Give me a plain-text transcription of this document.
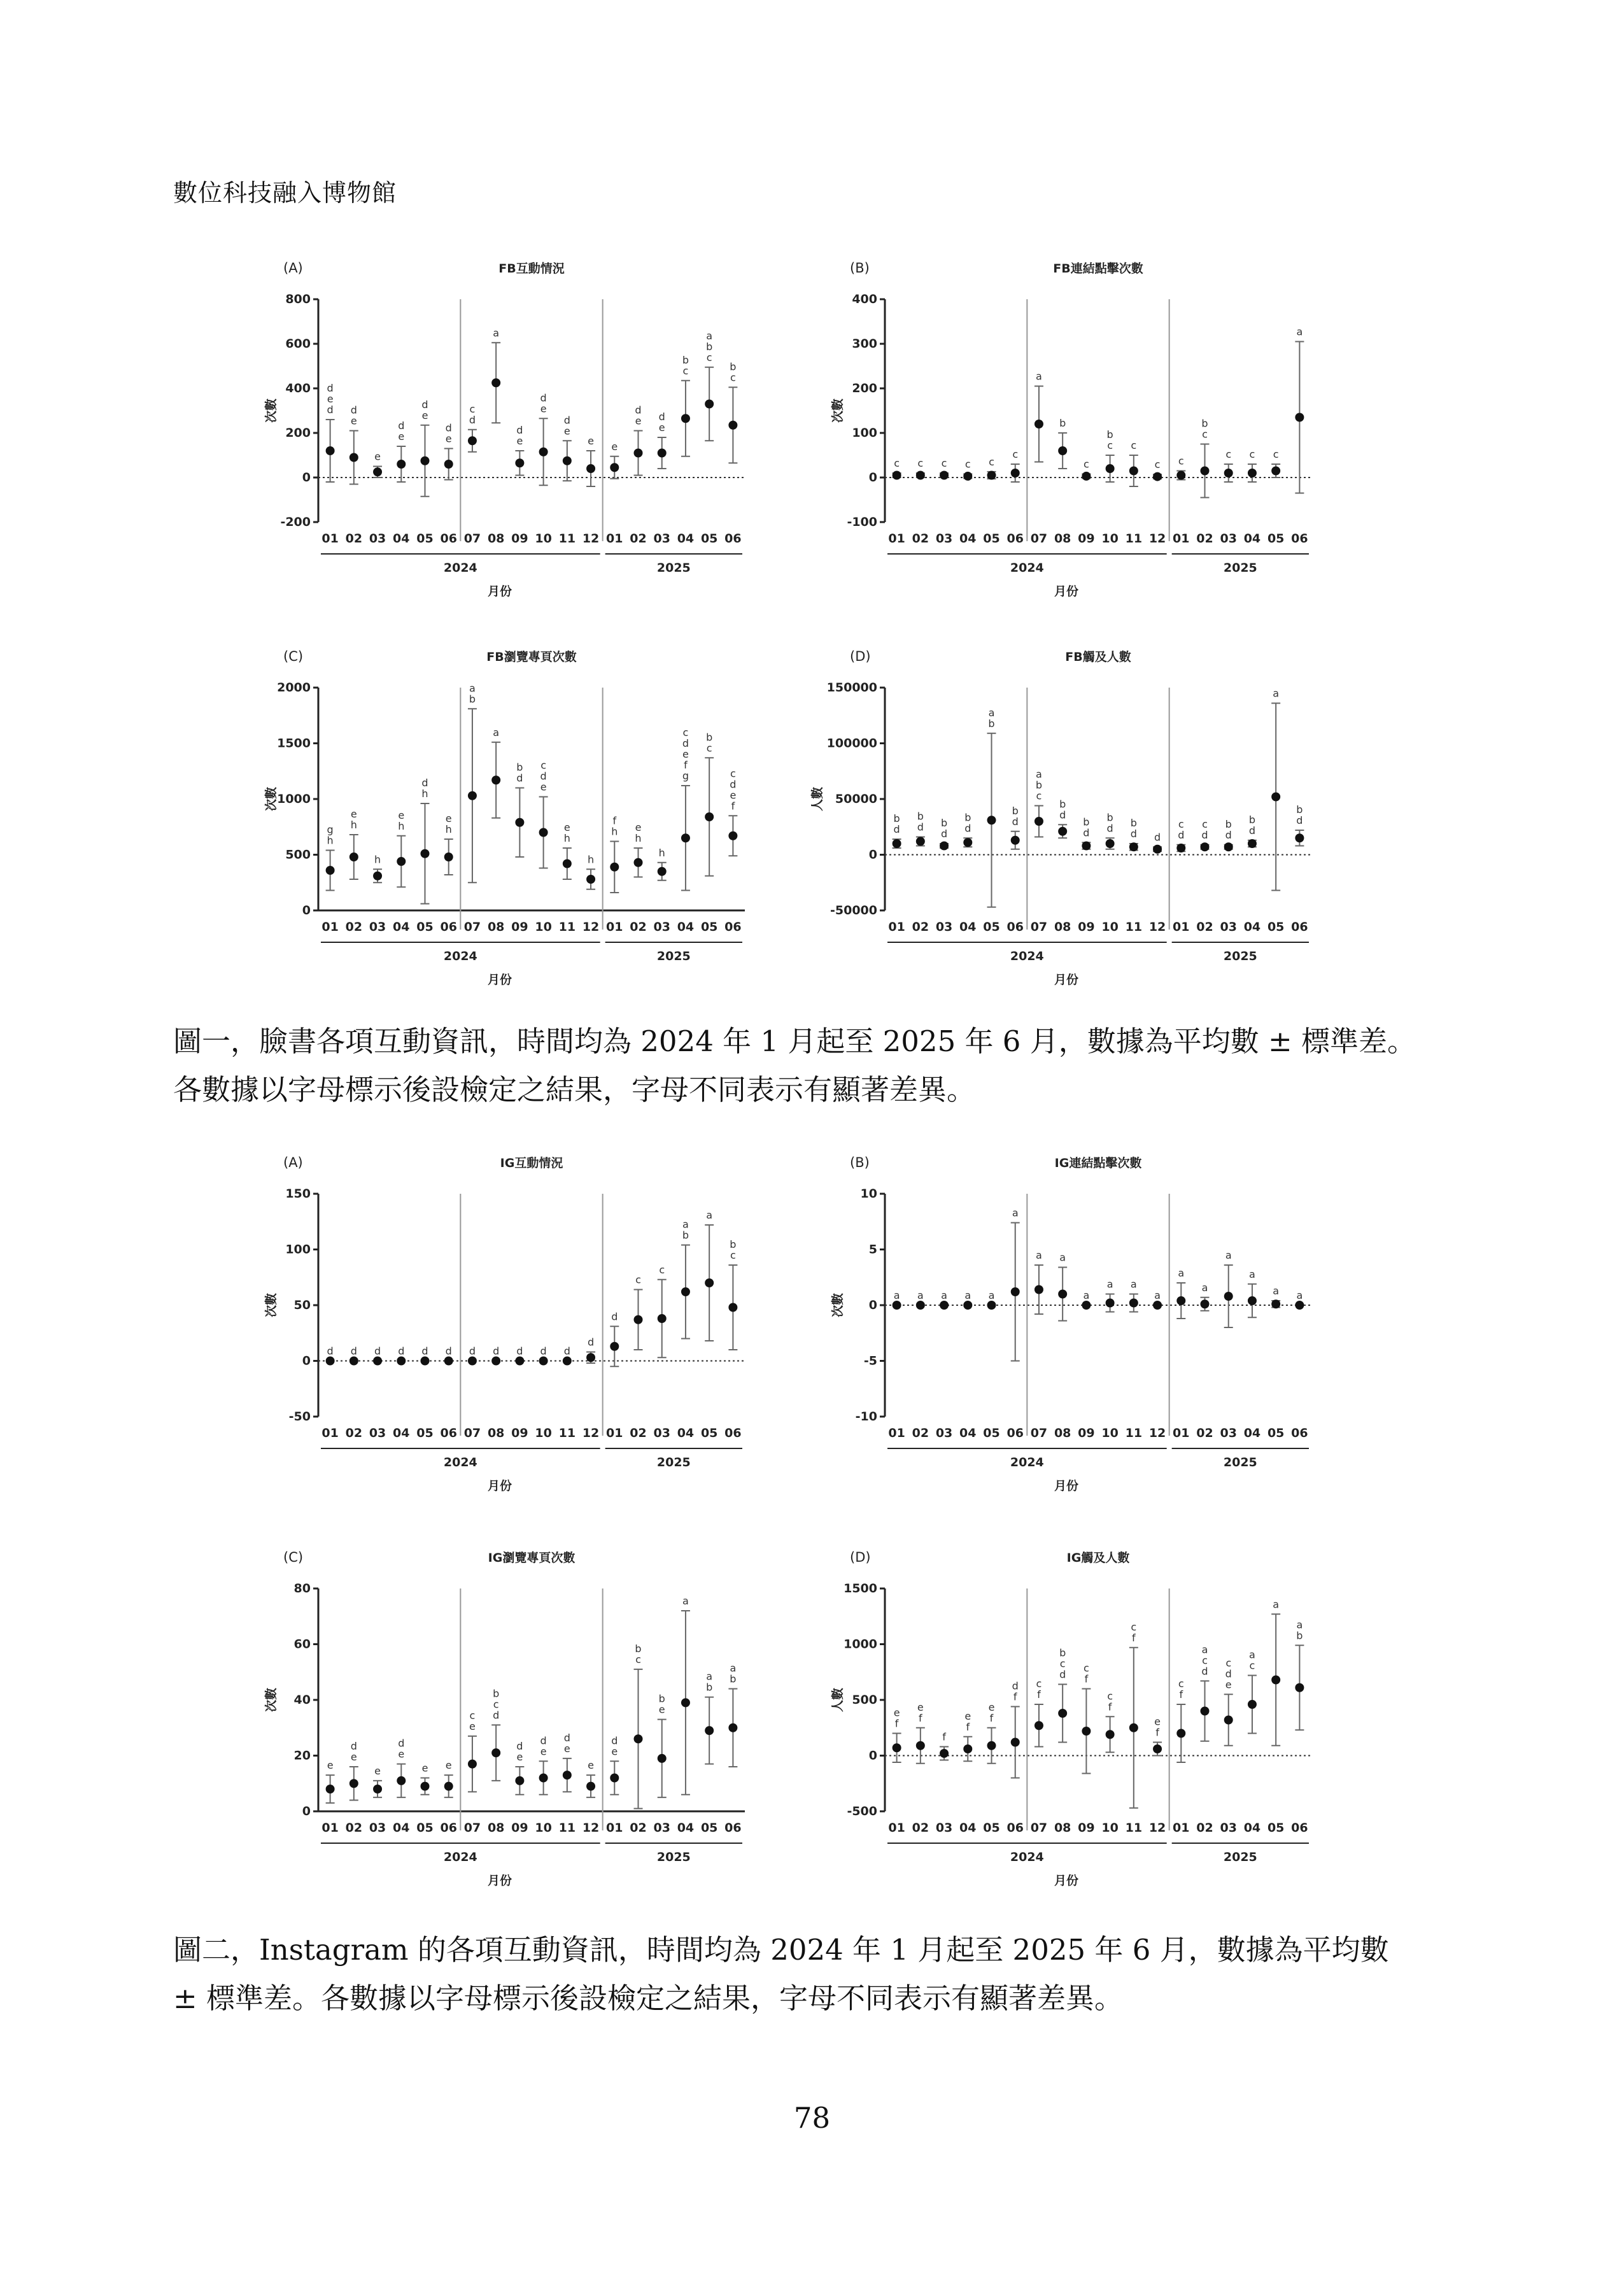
數位科技融入博物館
(A)	FB互動情況
-200
0
200
400
600
800
次數	d
e
d
e
d
e
e
d
e
d
e
d
d
c
a
e
d
e
d
e
d
e e
e
d
e
d
c
b c
b
a
c
b
01 02 03 04 05 06 07 08 09 10 11 12 01 02 03 04 05 06
2024	2025
月份
(B)	FB連結點擊次數
-100
0
100
200
300
400
次數
c c c c c
c
a
b
c
c
b
c
c c
c
b
c c c
a
01 02 03 04 05 06 07 08 09 10 11 12 01 02 03 04 05 06
2024	2025
月份
(C)	FB瀏覽專頁次數
0
500
1000
1500
2000
次數
h
g h
e
h
h
e
h
d
h
e
b
a
a
d
b
e
d
c
h
e
h
h
f
h
e
h
g
f
e
d
c
c
b
f
e
d
c
01 02 03 04 05 06 07 08 09 10 11 12 01 02 03 04 05 06
2024	2025
月份
(D)	FB觸及人數
-50000
0
50000
100000
150000
人數
d
b
d
b
d
b d
b
b
a
d
b
c
b
a
d
b
d
b
d
b
d
b
d d
c
d
c
d
b
d
b
a
d
b
01 02 03 04 05 06 07 08 09 10 11 12 01 02 03 04 05 06
2024	2025
月份
圖一，臉書各項互動資訊，時間均為 2024 年 1 月起至 2025 年 6 月，數據為平均數 ± 標準差。
各數據以字母標示後設檢定之結果，字母不同表示有顯著差異。
(A)	IG互動情況
-50
0
50
100
150
次數
d d d d d d d d d d d
d
d
c
c
b
a
a
c
b
01 02 03 04 05 06 07 08 09 10 11 12 01 02 03 04 05 06
2024	2025
月份
(B)	IG連結點擊次數
-10
-5
0
5
10
次數	a a a a a
a
a a
a
a a
a
a
a
a
a
a a
01 02 03 04 05 06 07 08 09 10 11 12 01 02 03 04 05 06
2024	2025
月份
(C)	IG瀏覽專頁次數
0
20
40
60
80
次數
e
e
d
e
e
d
e e
e
c d
c
b
e
d e
d
e
d
e
e
d
c
b
e
b
a
b
a b
a
01 02 03 04 05 06 07 08 09 10 11 12 01 02 03 04 05 06
2024	2025
月份
(D)	IG觸及人數
-500
0
500
1000
1500
人數
f
e f
e
f
f
e f
e
f
d
f
c
d
c
b
f
c
f
c
f
c
f
e
f
c
d
c
a
e
d
c c
a
a
b
a
01 02 03 04 05 06 07 08 09 10 11 12 01 02 03 04 05 06
2024	2025
月份
圖二，Instagram 的各項互動資訊，時間均為 2024 年 1 月起至 2025 年 6 月，數據為平均數
± 標準差。各數據以字母標示後設檢定之結果，字母不同表示有顯著差異。
78
